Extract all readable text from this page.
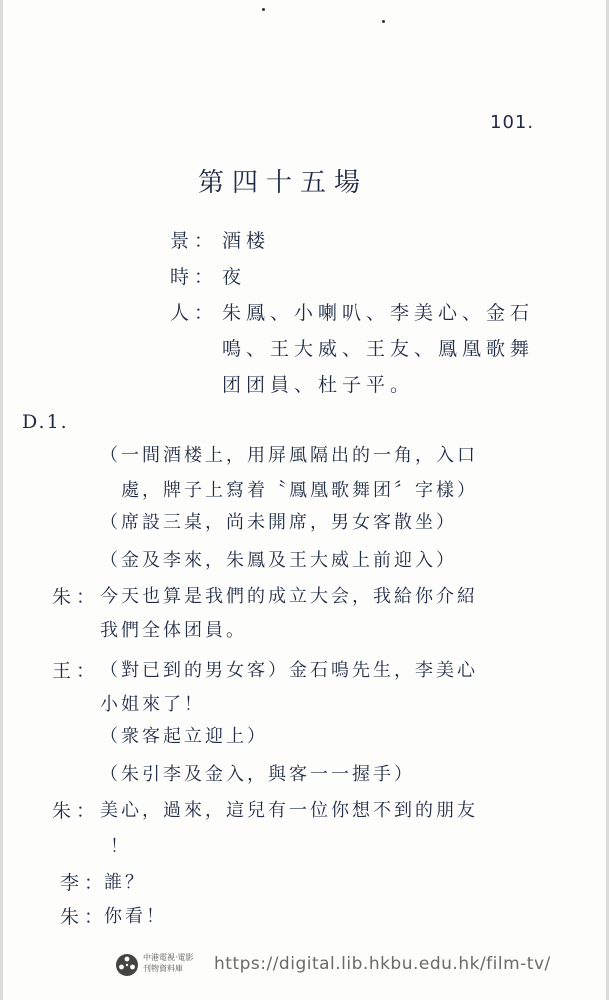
101.
第四十五場
景： 酒楼
時： 夜
人： 朱鳳、小喇叭、李美心、金石
鳴、王大威、王友、鳳凰歌舞
团团員、杜子平。
D.1.
（一間酒楼上，用屏風隔出的一角，入口
處，牌子上寫着〝鳳凰歌舞团〞字樣）
（席設三桌，尚未開席，男女客散坐）
（金及李來，朱鳳及王大威上前迎入）
朱： 今天也算是我們的成立大会，我給你介紹
我們全体团員。
王： （對已到的男女客）金石鳴先生，李美心
小姐來了！
（衆客起立迎上）
（朱引李及金入，與客一一握手）
朱： 美心，過來，這兒有一位你想不到的朋友
！
李：
誰？
朱：
你看！
中港電視·電影
刊物資料庫	https://digital.lib.hkbu.edu.hk/film-tv/
